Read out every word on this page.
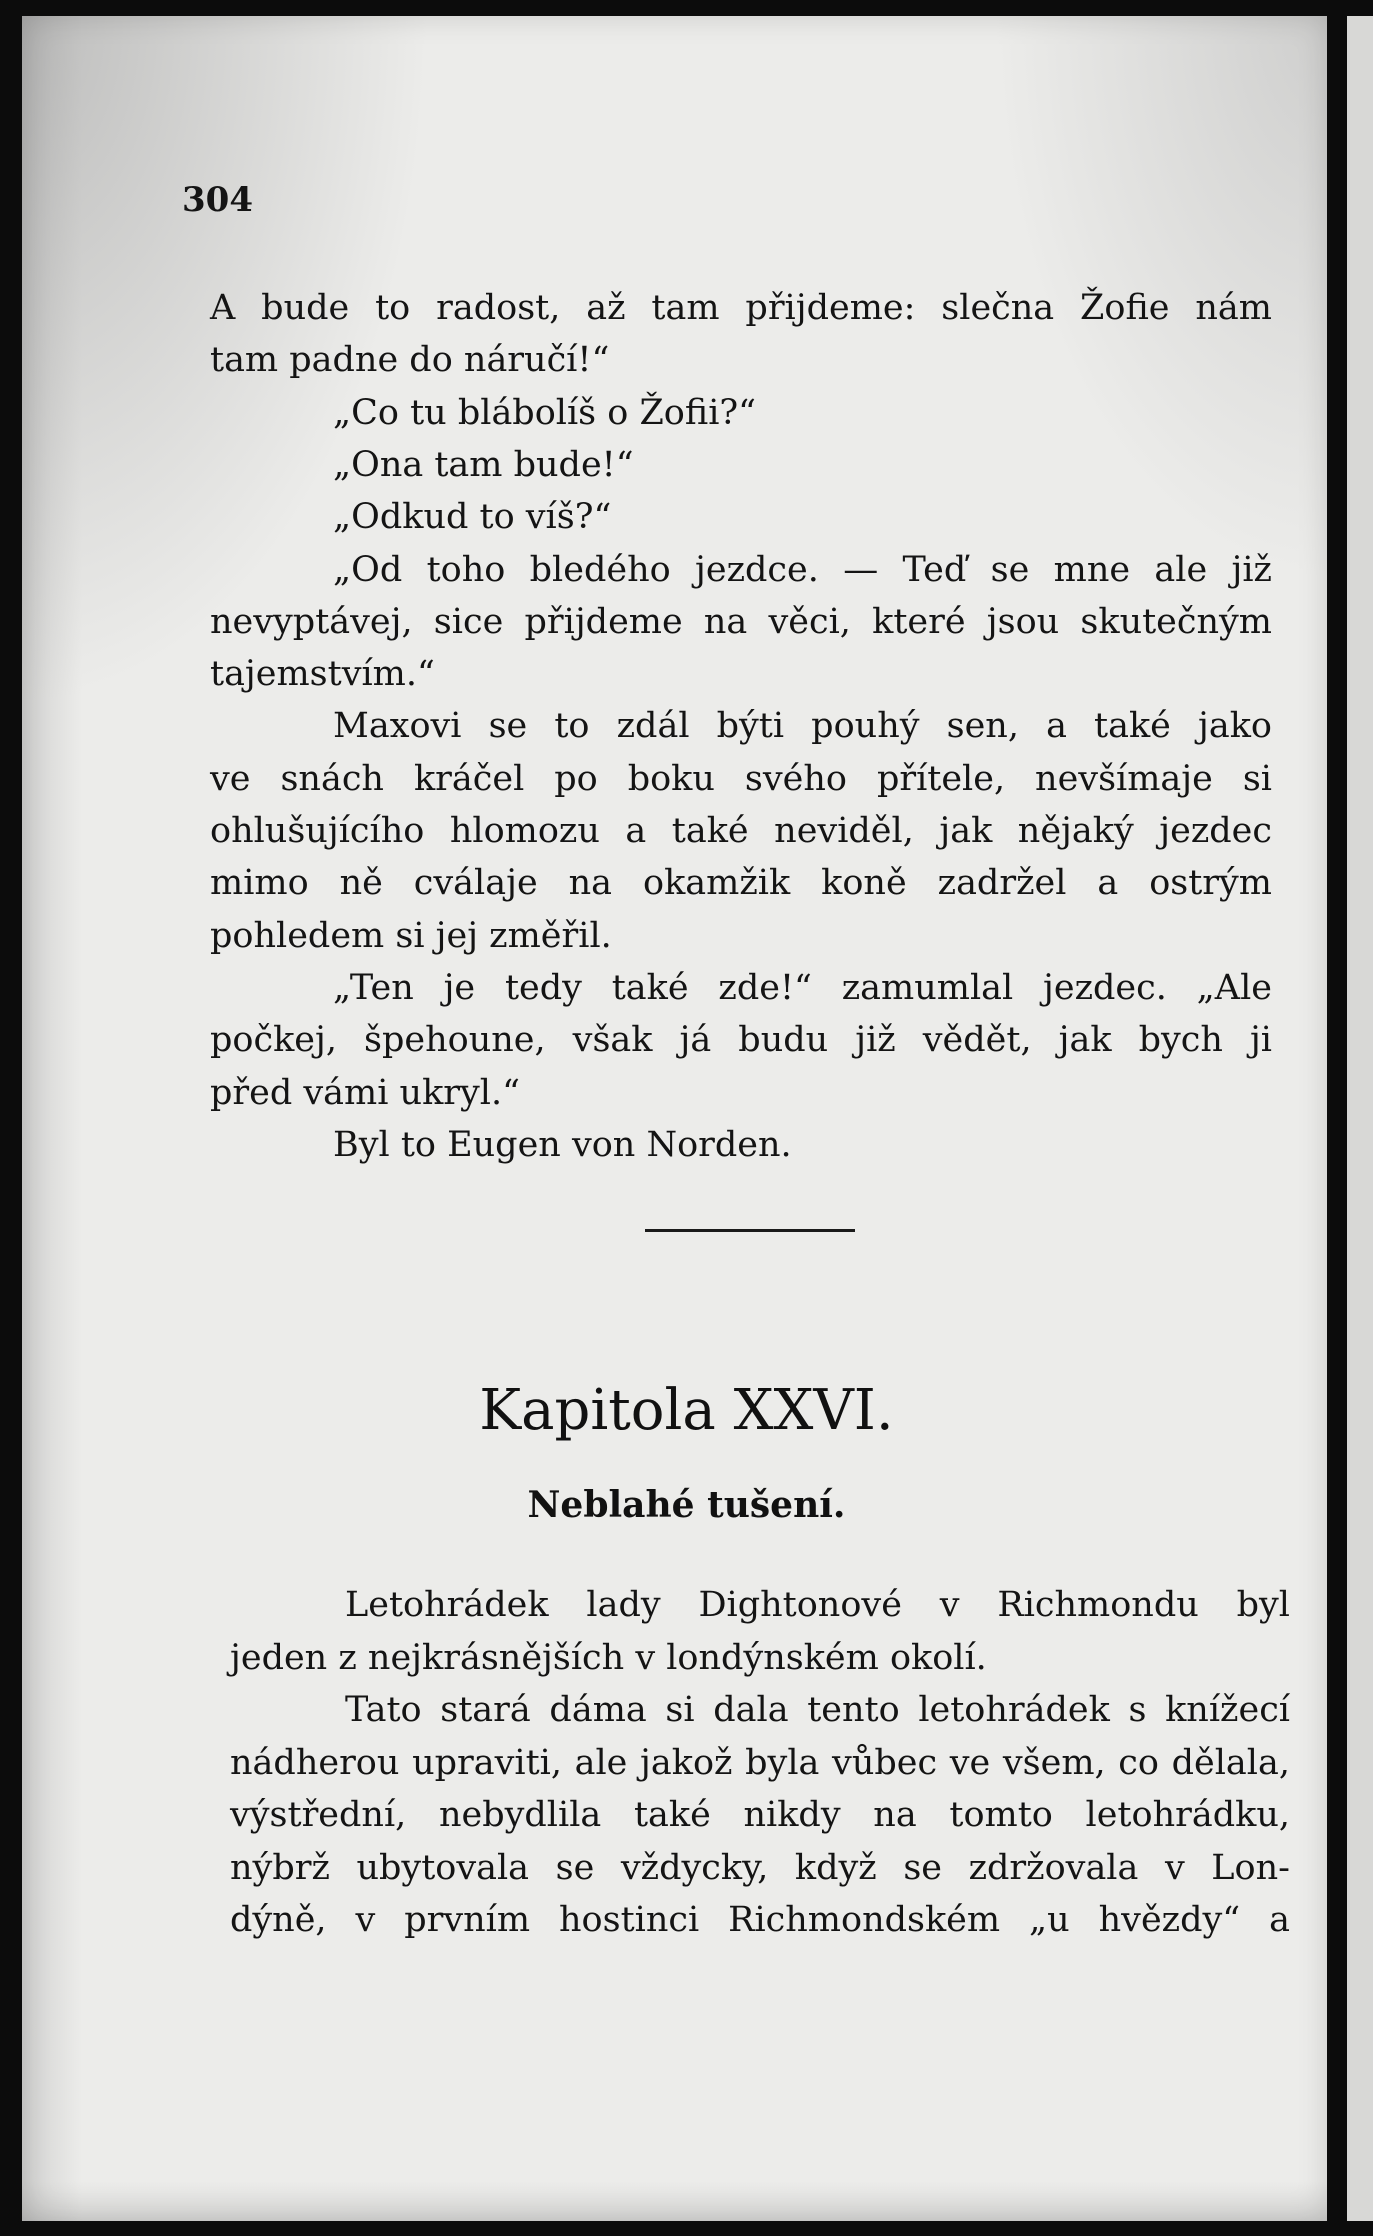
304
A bude to radost, až tam přijdeme: slečna Žofie nám
tam padne do náručí!“
„Co tu blábolíš o Žofii?“
„Ona tam bude!“
„Odkud to víš?“
„Od toho bledého jezdce. — Teď se mne ale již
nevyptávej, sice přijdeme na věci, které jsou skutečným
tajemstvím.“
Maxovi se to zdál býti pouhý sen, a také jako
ve snách kráčel po boku svého přítele, nevšímaje si
ohlušujícího hlomozu a také neviděl, jak nějaký jezdec
mimo ně cválaje na okamžik koně zadržel a ostrým
pohledem si jej změřil.
„Ten je tedy také zde!“ zamumlal jezdec. „Ale
počkej, špehoune, však já budu již vědět, jak bych ji
před vámi ukryl.“
Byl to Eugen von Norden.
Kapitola XXVI.
Neblahé tušení.
Letohrádek lady Dightonové v Richmondu byl
jeden z nejkrásnějších v londýnském okolí.
Tato stará dáma si dala tento letohrádek s knížecí
nádherou upraviti, ale jakož byla vůbec ve všem, co dělala,
výstřední, nebydlila také nikdy na tomto letohrádku,
nýbrž ubytovala se vždycky, když se zdržovala v Lon-
dýně, v prvním hostinci Richmondském „u hvězdy“ a
